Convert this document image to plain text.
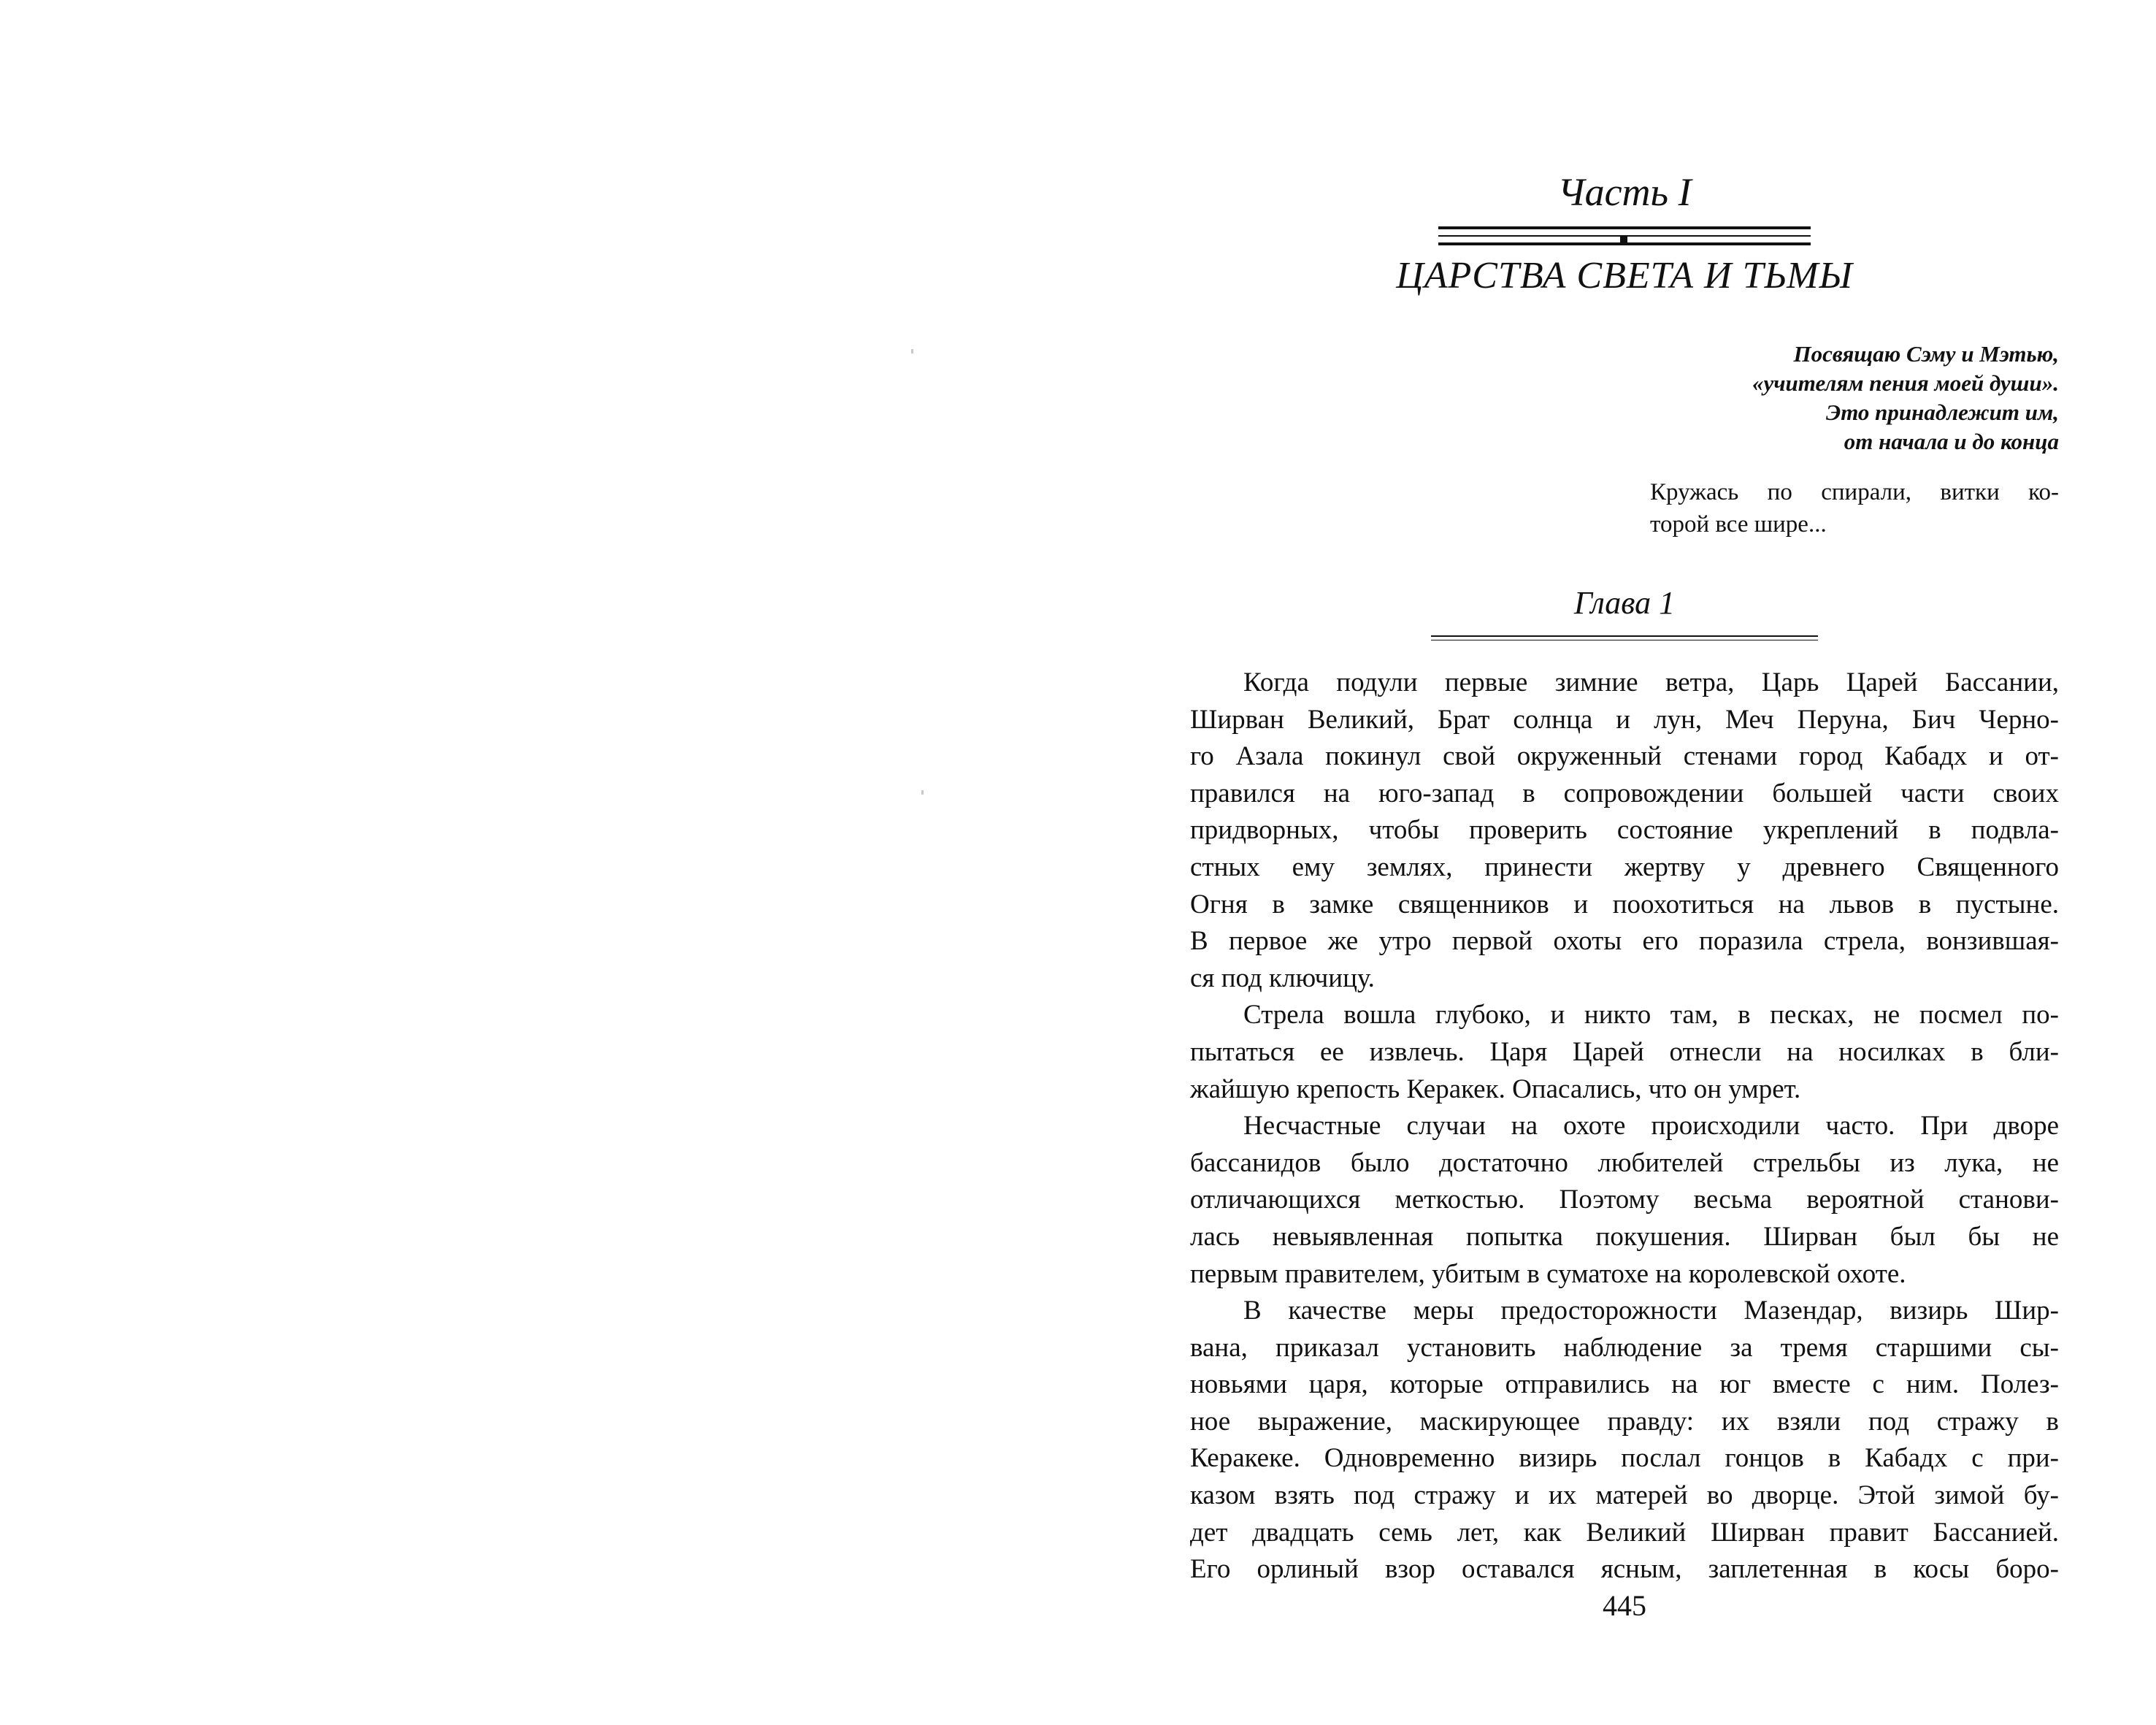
Часть I
ЦАРСТВА СВЕТА И ТЬМЫ
Посвящаю Сэму и Мэтью,
«учителям пения моей души».
Это принадлежит им,
от начала и до конца
Кружась по спирали, витки ко-
торой все шире...
Глава 1
Когда подули первые зимние ветра, Царь Царей Бассании,
Ширван Великий, Брат солнца и лун, Меч Перуна, Бич Черно-
го Азала покинул свой окруженный стенами город Кабадх и от-
правился на юго-запад в сопровождении большей части своих
придворных, чтобы проверить состояние укреплений в подвла-
стных ему землях, принести жертву у древнего Священного
Огня в замке священников и поохотиться на львов в пустыне.
В первое же утро первой охоты его поразила стрела, вонзившая-
ся под ключицу.
Стрела вошла глубоко, и никто там, в песках, не посмел по-
пытаться ее извлечь. Царя Царей отнесли на носилках в бли-
жайшую крепость Керакек. Опасались, что он умрет.
Несчастные случаи на охоте происходили часто. При дворе
бассанидов было достаточно любителей стрельбы из лука, не
отличающихся меткостью. Поэтому весьма вероятной станови-
лась невыявленная попытка покушения. Ширван был бы не
первым правителем, убитым в суматохе на королевской охоте.
В качестве меры предосторожности Мазендар, визирь Шир-
вана, приказал установить наблюдение за тремя старшими сы-
новьями царя, которые отправились на юг вместе с ним. Полез-
ное выражение, маскирующее правду: их взяли под стражу в
Керакеке. Одновременно визирь послал гонцов в Кабадх с при-
казом взять под стражу и их матерей во дворце. Этой зимой бу-
дет двадцать семь лет, как Великий Ширван правит Бассанией.
Его орлиный взор оставался ясным, заплетенная в косы боро-
445
